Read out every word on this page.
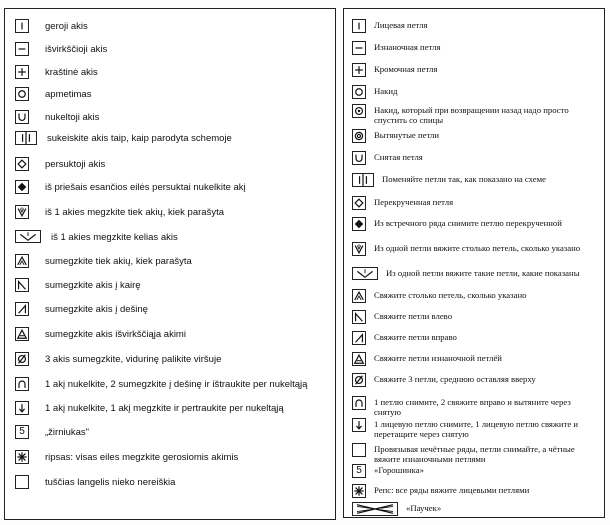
geroji akis
išvirkščioji akis
kraštinė akis
apmetimas
nukeltoji akis
sukeiskite akis taip, kaip parodyta schemoje
persuktoji akis
iš priešais esančios eilės persuktai nukelkite akį
iš 1 akies megzkite tiek akių, kiek parašyta
iš 1 akies megzkite kelias akis
sumegzkite tiek akių, kiek parašyta
sumegzkite akis į kairę
sumegzkite akis į dešinę
sumegzkite akis išvirkščiąja akimi
3 akis sumegzkite, vidurinę palikite viršuje
1 akį nukelkite, 2 sumegzkite į dešinę ir ištraukite per nukeltąją
1 akį nukelkite, 1 akį megzkite ir pertraukite per nukeltąją
5 „žirniukas"
ripsas: visas eiles megzkite gerosiomis akimis
tuščias langelis nieko nereiškia
Лицевая петля
Изнаночная петля
Кромочная петля
Накид
Накид, который при возвращении назад надо просто спустить со спицы
Вытянутые петли
Снятая петля
Поменяйте петли так, как показано на схеме
Перекрученная петля
Из встречного ряда снимите петлю перекрученной
Из одной петли вяжите столько петель, сколько указано
Из одной петли вяжите такие петли, какие показаны
Свяжите столько петель, сколько указано
Свяжите петли влево
Свяжите петли вправо
Свяжите петли изнаночной петлёй
Свяжите 3 петли, среднюю оставляя вверху
1 петлю снимите, 2 свяжите вправо и вытяните через снятую
1 лицевую петлю снимите, 1 лицевую петлю свяжите и перетащите через снятую
Провязывая нечётные ряды, петли снимайте, а чётные вяжите изнаночными петлями
5 «Горошинка»
Репс: все ряды вяжите лицевыми петлями
«Паучек»
